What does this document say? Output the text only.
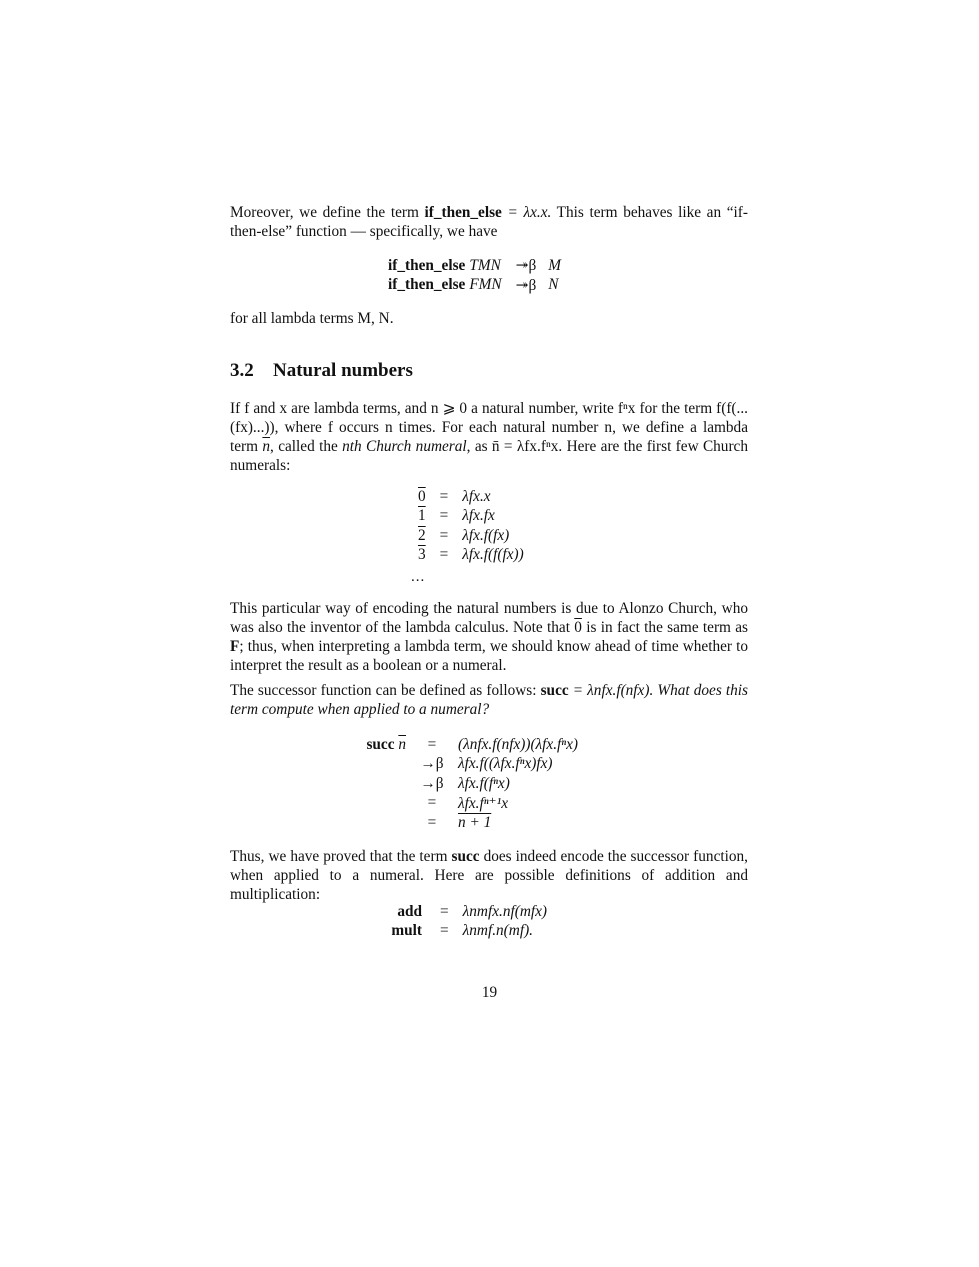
Moreover, we define the term if_then_else = λx.x. This term behaves like an “if-then-else” function — specifically, we have
if_then_else	TMN	↠β	M
if_then_else	FMN	↠β	N
for all lambda terms M, N.
3.2 Natural numbers
If f and x are lambda terms, and n ⩾ 0 a natural number, write fⁿx for the term f(f(...(fx)...)), where f occurs n times. For each natural number n, we define a lambda term $\overline{n}$, called the nth Church numeral, as n̄ = λfx.fⁿx. Here are the first few Church numerals:
0	=	λfx.x
1	=	λfx.fx
2	=	λfx.f(fx)
3	=	λfx.f(f(fx))
...
This particular way of encoding the natural numbers is due to Alonzo Church, who was also the inventor of the lambda calculus. Note that 0 is in fact the same term as F; thus, when interpreting a lambda term, we should know ahead of time whether to interpret the result as a boolean or a numeral.
The successor function can be defined as follows: succ = λnfx.f(nfx). What does this term compute when applied to a numeral?
succ $\overline{n}$	=	(λnfx.f(nfx))(λfx.fⁿx)
	→β	λfx.f((λfx.fⁿx)fx)
	→β	λfx.f(fⁿx)
	=	λfx.fⁿ⁺¹x
	=	n + 1
Thus, we have proved that the term succ does indeed encode the successor function, when applied to a numeral. Here are possible definitions of addition and multiplication:
add	=	λnmfx.nf(mfx)
mult	=	λnmf.n(mf).
19
